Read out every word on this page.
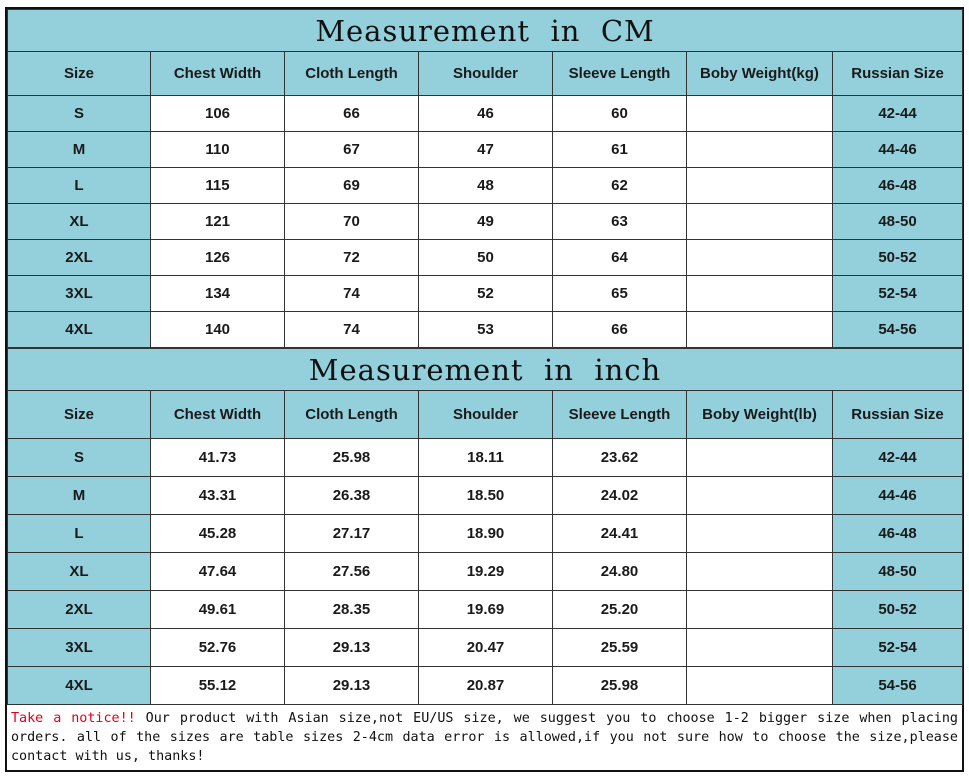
Measurement  in  CM						
Size	Chest Width	Cloth Length	Shoulder	Sleeve Length	Boby Weight(kg)	Russian Size
S	106	66	46	60		42-44
M	110	67	47	61		44-46
L	115	69	48	62		46-48
XL	121	70	49	63		48-50
2XL	126	72	50	64		50-52
3XL	134	74	52	65		52-54
4XL	140	74	53	66		54-56
Measurement  in  inch						
Size	Chest Width	Cloth Length	Shoulder	Sleeve Length	Boby Weight(lb)	Russian Size
S	41.73	25.98	18.11	23.62		42-44
M	43.31	26.38	18.50	24.02		44-46
L	45.28	27.17	18.90	24.41		46-48
XL	47.64	27.56	19.29	24.80		48-50
2XL	49.61	28.35	19.69	25.20		50-52
3XL	52.76	29.13	20.47	25.59		52-54
4XL	55.12	29.13	20.87	25.98		54-56
Take a notice!! Our product with Asian size,not EU/US size, we suggest you to choose 1-2 bigger size when placing orders. all of the sizes are table sizes 2-4cm data error is allowed,if you not sure how to choose the size,please contact with us, thanks!
